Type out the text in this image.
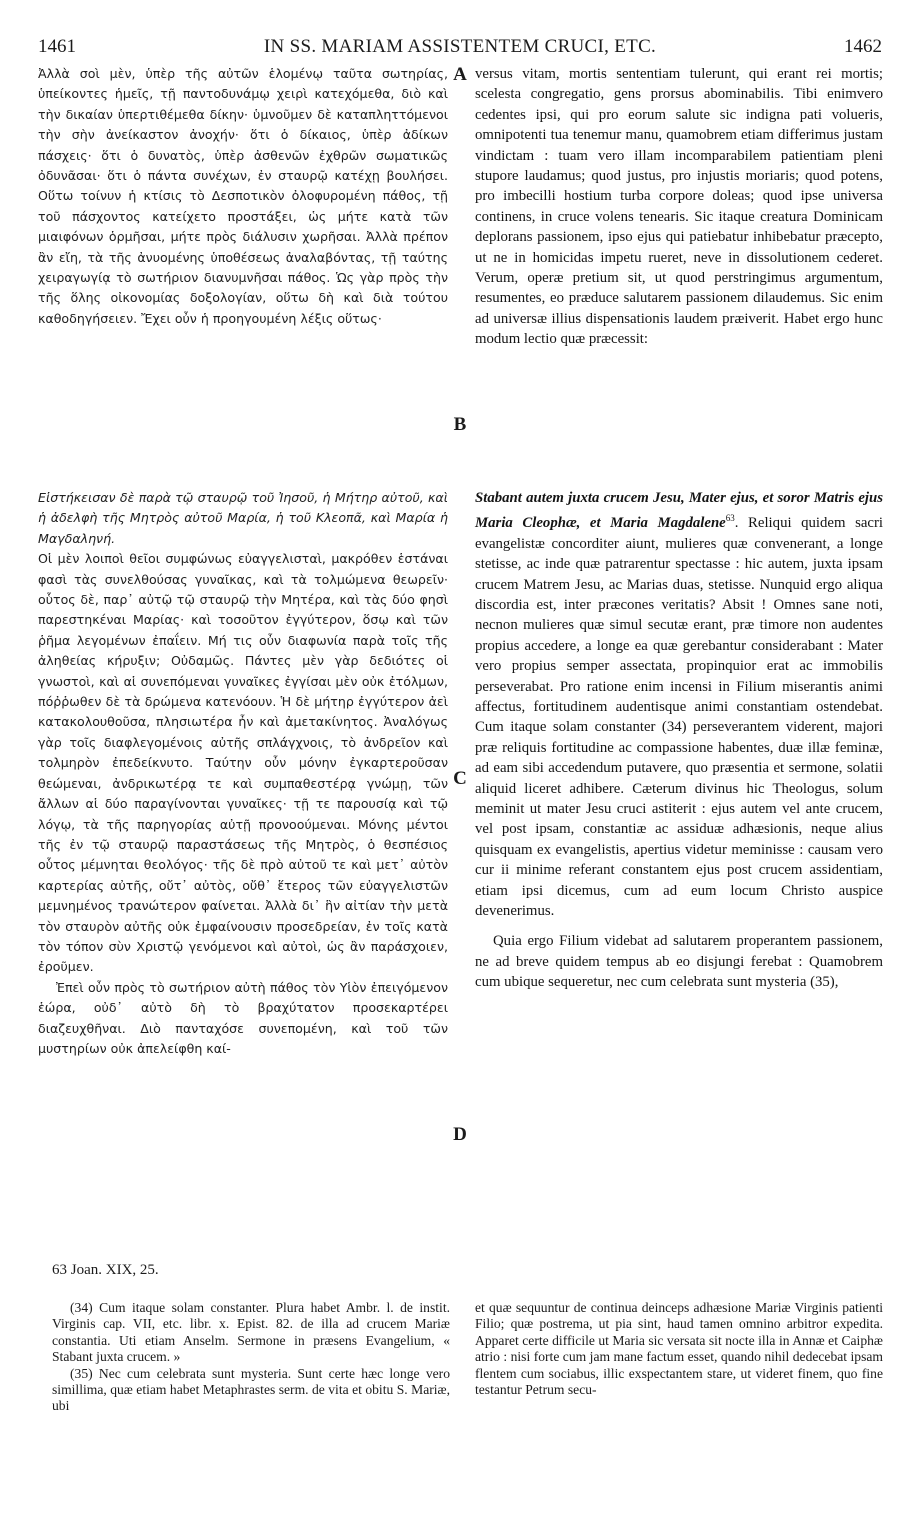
1461	IN SS. MARIAM ASSISTENTEM CRUCI, ETC.	1462

Ἀλλὰ σοὶ μὲν, ὑπὲρ τῆς αὐτῶν ἑλομένῳ ταῦτα σωτηρίας, ὑπείκοντες ἡμεῖς, τῇ παντοδυνάμῳ χειρὶ κατεχόμεθα, διὸ καὶ τὴν δικαίαν ὑπερτιθέμεθα δίκην· ὑμνοῦμεν δὲ καταπληττόμενοι τὴν σὴν ἀνείκαστον ἀνοχήν· ὅτι ὁ δίκαιος, ὑπὲρ ἀδίκων πάσχεις· ὅτι ὁ δυνατὸς, ὑπὲρ ἀσθενῶν ἐχθρῶν σωματικῶς ὀδυνᾶσαι· ὅτι ὁ πάντα συνέχων, ἐν σταυρῷ κατέχῃ βουλήσει. Οὕτω τοίνυν ἡ κτίσις τὸ Δεσποτικὸν ὀλοφυρομένη πάθος, τῇ τοῦ πάσχοντος κατείχετο προστάξει, ὡς μήτε κατὰ τῶν μιαιφόνων ὁρμῆσαι, μήτε πρὸς διάλυσιν χωρῆσαι. Ἀλλὰ πρέπον ἂν εἴη, τὰ τῆς ἀνυομένης ὑποθέσεως ἀναλαβόντας, τῇ ταύτης χειραγωγίᾳ τὸ σωτήριον διανυμνῆσαι πάθος. Ὡς γὰρ πρὸς τὴν τῆς ὅλης οἰκονομίας δοξολογίαν, οὕτω δὴ καὶ διὰ τούτου καθοδηγήσειεν. Ἔχει οὖν ἡ προηγουμένη λέξις οὕτως·

versus vitam, mortis sententiam tulerunt, qui erant rei mortis; scelesta congregatio, gens prorsus abominabilis. Tibi enimvero cedentes ipsi, qui pro eorum salute sic indigna pati volueris, omnipotenti tua tenemur manu, quamobrem etiam differimus justam vindictam : tuam vero illam incomparabilem patientiam pleni stupore laudamus; quod justus, pro injustis moriaris; quod potens, pro imbecilli hostium turba corpore doleas; quod ipse universa continens, in cruce volens tenearis. Sic itaque creatura Dominicam deplorans passionem, ipso ejus qui patiebatur inhibebatur præcepto, ut ne in homicidas impetu rueret, neve in dissolutionem cederet. Verum, operæ pretium sit, ut quod perstringimus argumentum, resumentes, eo præduce salutarem passionem dilaudemus. Sic enim ad universæ illius dispensationis laudem præiverit. Habet ergo hunc modum lectio quæ præcessit:

A
B
C
D

Εἱστήκεισαν δὲ παρὰ τῷ σταυρῷ τοῦ Ἰησοῦ, ἡ Μήτηρ αὐτοῦ, καὶ ἡ ἀδελφὴ τῆς Μητρὸς αὐτοῦ Μαρία, ἡ τοῦ Κλεοπᾶ, καὶ Μαρία ἡ Μαγδαληνή.

Οἱ μὲν λοιποὶ θεῖοι συμφώνως εὐαγγελισταὶ, μακρόθεν ἑστάναι φασὶ τὰς συνελθούσας γυναῖκας, καὶ τὰ τολμώμενα θεωρεῖν· οὗτος δὲ, παρ᾽ αὐτῷ τῷ σταυρῷ τὴν Μητέρα, καὶ τὰς δύο φησὶ παρεστηκέναι Μαρίας· καὶ τοσοῦτον ἐγγύτερον, ὅσῳ καὶ τῶν ῥῆμα λεγομένων ἐπαΐειν. Μή τις οὖν διαφωνία παρὰ τοῖς τῆς ἀληθείας κήρυξιν; Οὐδαμῶς. Πάντες μὲν γὰρ δεδιότες οἱ γνωστοὶ, καὶ αἱ συνεπόμεναι γυναῖκες ἐγγίσαι μὲν οὐκ ἐτόλμων, πόῤῥωθεν δὲ τὰ δρώμενα κατενόουν. Ἡ δὲ μήτηρ ἐγγύτερον ἀεὶ κατακολουθοῦσα, πλησιωτέρα ἦν καὶ ἀμετακίνητος. Ἀναλόγως γὰρ τοῖς διαφλεγομένοις αὐτῆς σπλάγχνοις, τὸ ἀνδρεῖον καὶ τολμηρὸν ἐπεδείκνυτο. Ταύτην οὖν μόνην ἐγκαρτεροῦσαν θεώμεναι, ἀνδρικωτέρᾳ τε καὶ συμπαθεστέρᾳ γνώμῃ, τῶν ἄλλων αἱ δύο παραγίνονται γυναῖκες· τῇ τε παρουσίᾳ καὶ τῷ λόγῳ, τὰ τῆς παρηγορίας αὐτῇ προνοούμεναι. Μόνης μέντοι τῆς ἐν τῷ σταυρῷ παραστάσεως τῆς Μητρὸς, ὁ θεσπέσιος οὗτος μέμνηται θεολόγος· τῆς δὲ πρὸ αὐτοῦ τε καὶ μετ᾽ αὐτὸν καρτερίας αὐτῆς, οὔτ᾽ αὐτὸς, οὔθ᾽ ἕτερος τῶν εὐαγγελιστῶν μεμνημένος τρανώτερον φαίνεται. Ἀλλὰ δι᾽ ἣν αἰτίαν τὴν μετὰ τὸν σταυρὸν αὐτῆς οὐκ ἐμφαίνουσιν προσεδρείαν, ἐν τοῖς κατὰ τὸν τόπον σὺν Χριστῷ γενόμενοι καὶ αὐτοὶ, ὡς ἂν παράσχοιεν, ἐροῦμεν.

Ἐπεὶ οὖν πρὸς τὸ σωτήριον αὐτὴ πάθος τὸν Υἱὸν ἐπειγόμενον ἑώρα, οὐδ᾽ αὐτὸ δὴ τὸ βραχύτατον προσεκαρτέρει διαζευχθῆναι. Διὸ πανταχόσε συνεπομένη, καὶ τοῦ τῶν μυστηρίων οὐκ ἀπελείφθη καί-

Stabant autem juxta crucem Jesu, Mater ejus, et soror Matris ejus Maria Cleophæ, et Maria Magdalene$^{63}$. Reliqui quidem sacri evangelistæ concorditer aiunt, mulieres quæ convenerant, a longe stetisse, ac inde quæ patrarentur spectasse : hic autem, juxta ipsam crucem Matrem Jesu, ac Marias duas, stetisse. Nunquid ergo aliqua discordia est, inter præcones veritatis? Absit ! Omnes sane noti, necnon mulieres quæ simul secutæ erant, præ timore non audentes propius accedere, a longe ea quæ gerebantur considerabant : Mater vero propius semper assectata, propinquior erat ac immobilis perseverabat. Pro ratione enim incensi in Filium miserantis animi affectus, fortitudinem audentisque animi constantiam ostendebat. Cum itaque solam constanter (34) perseverantem viderent, majori præ reliquis fortitudine ac compassione habentes, duæ illæ feminæ, ad eam sibi accedendum putavere, quo præsentia et sermone, solatii aliquid liceret adhibere. Cæterum divinus hic Theologus, solum meminit ut mater Jesu cruci astiterit : ejus autem vel ante crucem, vel post ipsam, constantiæ ac assiduæ adhæsionis, neque alius quisquam ex evangelistis, apertius videtur meminisse : causam vero cur ii minime referant constantem ejus post crucem assidentiam, etiam ipsi dicemus, cum ad eum locum Christo auspice devenerimus.

Quia ergo Filium videbat ad salutarem properantem passionem, ne ad breve quidem tempus ab eo disjungi ferebat : Quamobrem cum ubique sequeretur, nec cum celebrata sunt mysteria (35),

63 Joan. XIX, 25.

(34) Cum itaque solam constanter. Plura habet Ambr. l. de instit. Virginis cap. VII, etc. libr. x. Epist. 82. de illa ad crucem Mariæ constantia. Uti etiam Anselm. Sermone in præsens Evangelium, « Stabant juxta crucem. »

(35) Nec cum celebrata sunt mysteria. Sunt certe hæc longe vero simillima, quæ etiam habet Metaphrastes serm. de vita et obitu S. Mariæ, ubi

et quæ sequuntur de continua deinceps adhæsione Mariæ Virginis patienti Filio; quæ postrema, ut pia sint, haud tamen omnino arbitror expedita. Apparet certe difficile ut Maria sic versata sit nocte illa in Annæ et Caiphæ atrio : nisi forte cum jam mane factum esset, quando nihil dedecebat ipsam flentem cum sociabus, illic exspectantem stare, ut videret finem, quo fine testantur Petrum secu-
